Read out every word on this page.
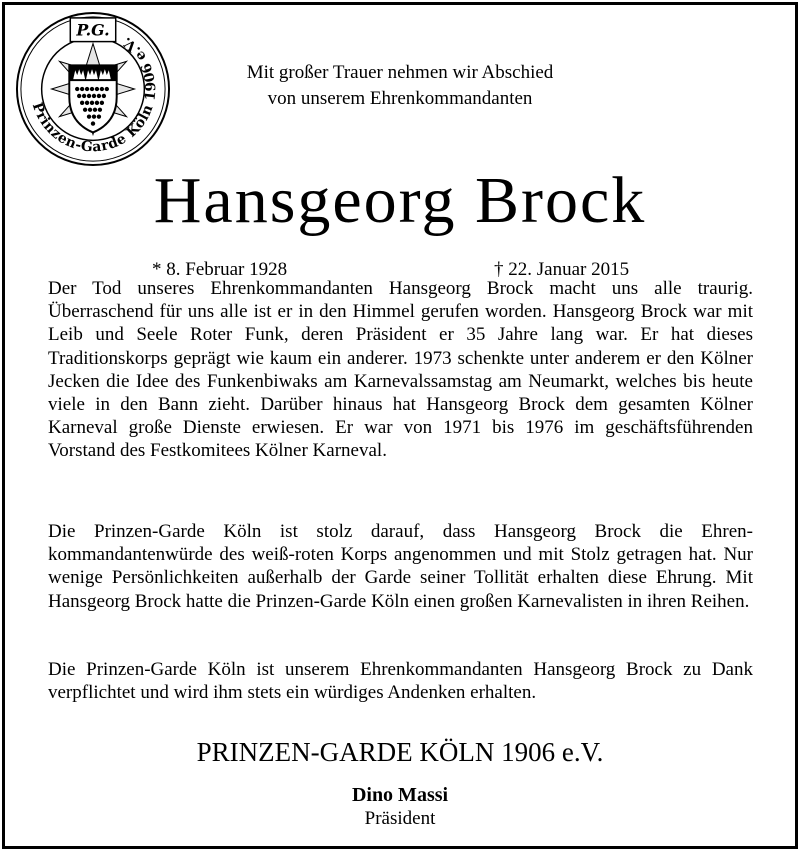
Prinzen-Garde Köln 1906 e.V.
P.G.
Mit großer Trauer nehmen wir Abschied
von unserem Ehrenkommandanten
Hansgeorg Brock
* 8. Februar 1928	† 22. Januar 2015

Der Tod unseres Ehrenkommandanten Hansgeorg Brock macht uns alle traurig. Überraschend für uns alle ist er in den Himmel gerufen worden. Hansgeorg Brock war mit Leib und Seele Roter Funk, deren Präsident er 35 Jahre lang war. Er hat dieses Traditionskorps geprägt wie kaum ein anderer. 1973 schenkte unter anderem er den Kölner Jecken die Idee des Funkenbiwaks am Karnevalssamstag am Neumarkt, welches bis heute viele in den Bann zieht. Darüber hinaus hat Hansgeorg Brock dem gesamten Kölner Karneval große Dienste erwiesen. Er war von 1971 bis 1976 im geschäftsführenden Vorstand des Festkomitees Kölner Karneval.

Die Prinzen-Garde Köln ist stolz darauf, dass Hansgeorg Brock die Ehrenkommandantenwürde des weiß-roten Korps angenommen und mit Stolz getragen hat. Nur wenige Persönlichkeiten außerhalb der Garde seiner Tollität erhalten diese Ehrung. Mit Hansgeorg Brock hatte die Prinzen-Garde Köln einen großen Karnevalisten in ihren Reihen.

Die Prinzen-Garde Köln ist unserem Ehrenkommandanten Hansgeorg Brock zu Dank verpflichtet und wird ihm stets ein würdiges Andenken erhalten.

PRINZEN-GARDE KÖLN 1906 e.V.
Dino Massi
Präsident
